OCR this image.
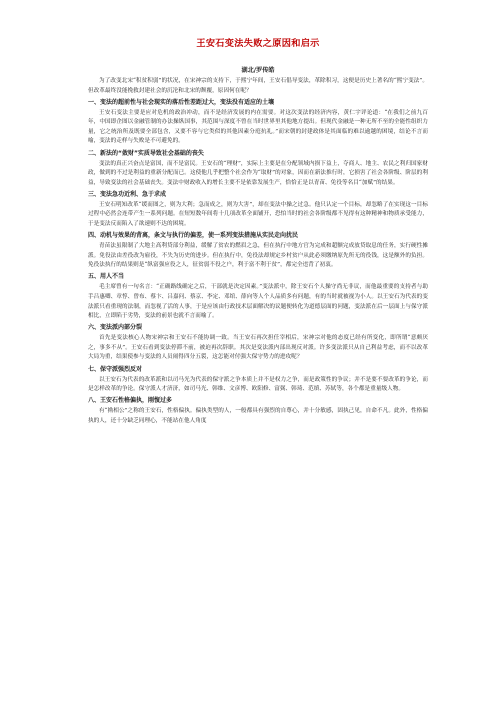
王安石变法失败之原因和启示
湖北/罗传皓

为了改变北宋“积贫积弱”的状况，在宋神宗的支持下，于熙宁年间，王安石倡导变法，革除积习，这便是历史上著名的“熙宁变法”。但改革最终没能挽救封建社会的沉沦和北宋的颓覆，原因何在呢？

一、变法的超前性与社会现实的落后性差距过大，变法没有适应的土壤

王安石变法主要是应对危机的政治冲动，而不是经济发展的内在需要。对这次变法的经济内容，黄仁宇评论道：“在我们之前九百年，中国即企图以金融管制的办法操纵国事，其范围与深度不曾在当时世界里其他地方提出。但现代金融是一种无所不至的全能性组织力量，它之统治所及既要全部包含，又要不容与它类似的其他因素分庭抗礼。”而宋朝的封建政体是其面临的难以逾越的困境，结论不言而喻，变法的走样与失败是不可避免的。

二、新法的“敛财”实质导致社会基础的丧失

变法的真正兴奋点是富国，而不是富民。王安石的“理财”，实际上主要是在分配领域内损下益上，夺商人、地主、农民之利归国家财政，做到的不过是利益的重新分配而已。这使他几乎把整个社会作为“取财”的对象，因而在新法推行时，它损害了社会各阶级、阶层的利益，导致变法的社会基础丧失。变法中财政收入的增长主要不是依靠发展生产，恰恰正是以青苗、免役等名目“加赋”的结果。

三、变法急功近利、急于求成

王安石明知改革“缓而图之，则为大利；急而成之，则为大害”，却在变法中操之过急。他只认定一个目标，却忽略了在实现这一目标过程中必然会连带产生一系列问题。在短短数年间将十几项改革全面铺开，恐怕当时的社会各阶级都不见得有这种精神和物质承受能力，于是变法反而陷入了欲速则不达的困境。

四、动机与效果的背离，条文与执行的偏差，使一系列变法措施从实民走向扰民

青苗法虽限制了大地主高利贷部分利益，缓解了贫农的燃眉之急，但在执行中地方官为完成和超额完成放贷取息的任务，实行硬性摊派。免役法由差役改为雇役，不失为历史的进步。但在执行中，免役法却规定乡村贫户从此必须缴纳原先所无的役钱，这是额外的负担。免役法执行的结果则是“纵富强应役之人，征贫弱不役之户，利于富不利于贫”，都完全违背了初衷。

五、用人不当

毛主席曾有一句名言：“正确路线确定之后，干部就是决定因素。”变法派中，除王安石个人操守尚无非议，而他最重要的支持者与助手吕惠卿、章惇、曾布、蔡卞、吕嘉问、蔡京、李定、邓绾、薛向等人个人品质多有问题，有的当时就被视为小人。以王安石为代表的变法派只看重现的法制，而忽视了活的人事，于是应该由行政技术层面解决的议题便转化为道德层面的问题，变法派在后一层面上与保守派相比，立即陷于劣势，变法的前景也就不言而喻了。

六、变法派内部分裂

首先是变法核心人物宋神宗和王安石不能协调一致。当王安石再次担任宰相后，宋神宗对他的态度已经有所变化，即所谓“意颇厌之，事多不从”。王安石看到变法停滞不前，被迫再次辞职。其次是变法派内部出现反对派。许多变法派只从自己利益考虑，而不以改革大局为重，结果使参与变法的人员闹得四分五裂，这怎能对付强大保守势力的进攻呢？

七、保守派强烈反对

以王安石为代表的改革派和以司马光为代表的保守派之争本质上并不是权力之争，而是政策性的争议；并不是要不要改革的争论，而是怎样改革的争论。保守派人才济济，如司马光、韩维、文彦博、欧阳修、富弼、韩琦、范缜、苏轼等，各个都是重量级人物。

八、王安石性格偏执，刚愎过多

有“拗相公”之称的王安石，性格偏执。偏执类型的人，一般都具有强烈的自尊心，并十分敏感，固执己见，自命不凡。此外，性格偏执的人，还十分缺乏同理心，不能站在他人角度
